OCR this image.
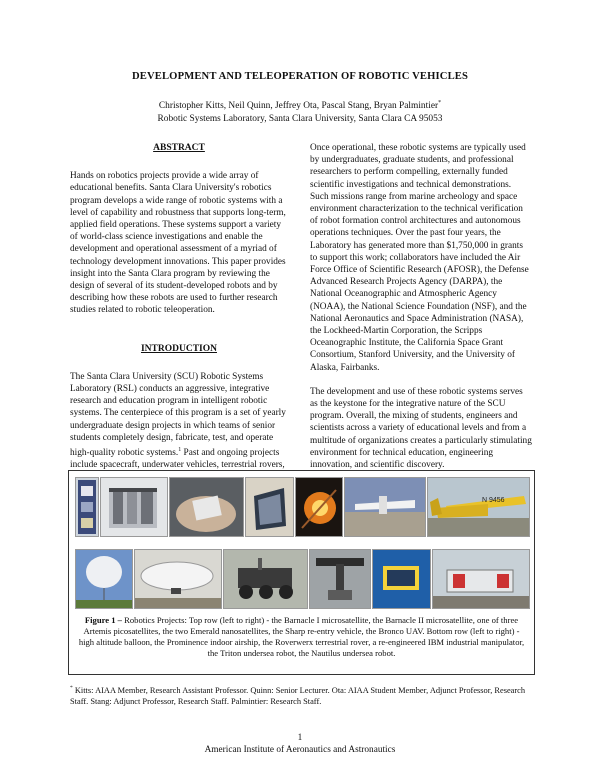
DEVELOPMENT AND TELEOPERATION OF ROBOTIC VEHICLES
Christopher Kitts, Neil Quinn, Jeffrey Ota, Pascal Stang, Bryan Palmintier*
Robotic Systems Laboratory, Santa Clara University, Santa Clara CA 95053
ABSTRACT

Hands on robotics projects provide a wide array of educational benefits. Santa Clara University's robotics program develops a wide range of robotic systems with a level of capability and robustness that supports long-term, applied field operations. These systems support a variety of world-class science investigations and enable the development and operational assessment of a myriad of technology development innovations. This paper provides insight into the Santa Clara program by reviewing the design of several of its student-developed robots and by describing how these robots are used to further research studies related to robotic teleoperation.

INTRODUCTION

The Santa Clara University (SCU) Robotic Systems Laboratory (RSL) conducts an aggressive, integrative research and education program in intelligent robotic systems. The centerpiece of this program is a set of yearly undergraduate design projects in which teams of senior students completely design, fabricate, test, and operate high-quality robotic systems.$^1$ Past and ongoing projects include spacecraft, underwater vehicles, terrestrial rovers,

Once operational, these robotic systems are typically used by undergraduates, graduate students, and professional researchers to perform compelling, externally funded scientific investigations and technical demonstrations. Such missions range from marine archeology and space environment characterization to the technical verification of robot formation control architectures and autonomous operations techniques. Over the past four years, the Laboratory has generated more than $1,750,000 in grants to support this work; collaborators have included the Air Force Office of Scientific Research (AFOSR), the Defense Advanced Research Projects Agency (DARPA), the National Oceanographic and Atmospheric Agency (NOAA), the National Science Foundation (NSF), and the National Aeronautics and Space Administration (NASA), the Lockheed-Martin Corporation, the Scripps Oceanographic Institute, the California Space Grant Consortium, Stanford University, and the University of Alaska, Fairbanks.

The development and use of these robotic systems serves as the keystone for the integrative nature of the SCU program. Overall, the mixing of students, engineers and scientists across a variety of educational levels and from a multitude of organizations creates a particularly stimulating environment for technical education, engineering innovation, and scientific discovery.

N 9456
Figure 1 – Robotics Projects: Top row (left to right) - the Barnacle I microsatellite, the Barnacle II microsatellite, one of three Artemis picosatellites, the two Emerald nanosatellites, the Sharp re-entry vehicle, the Bronco UAV. Bottom row (left to right) - high altitude balloon, the Prominence indoor airship, the Roverwerx terrestrial rover, a re-engineered IBM industrial manipulator, the Triton undersea robot, the Nautilus undersea robot.
* Kitts: AIAA Member, Research Assistant Professor. Quinn: Senior Lecturer. Ota: AIAA Student Member, Adjunct Professor, Research Staff. Stang: Adjunct Professor, Research Staff. Palmintier: Research Staff.
1
American Institute of Aeronautics and Astronautics
